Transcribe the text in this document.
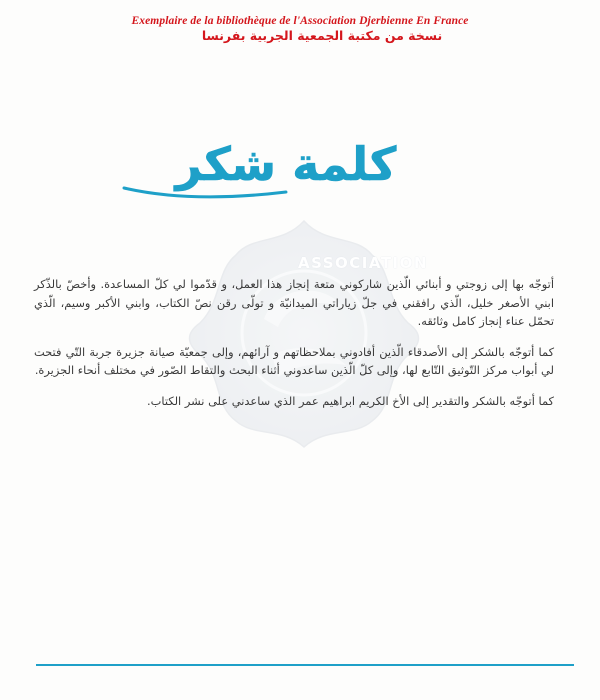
Exemplaire de la bibliothèque de l'Association Djerbienne En France
نسخة من مكتبة الجمعية الجربية بفرنسا
ASSOCIATION
كلمة شكر

أتوجّه بها إلى زوجتي و أبنائي الّذين شاركوني متعة إنجاز هذا العمل، و قدّموا لي كلّ المساعدة. وأخصّ بالذّكر ابني الأصغر خليل، الّذي رافقني في جلّ زياراتي الميدانيّة و تولّى رقن نصّ الكتاب، وابني الأكبر وسيم، الّذي تحمّل عناء إنجاز كامل وثائقه.

كما أتوجّه بالشكر إلى الأصدقاء الّذين أفادوني بملاحظاتهم و آرائهم، وإلى جمعيّة صيانة جزيرة جربة التّي فتحت لي أبواب مركز التّوثيق التّابع لها، وإلى كلّ الّذين ساعدوني أثناء البحث والتقاط الصّور في مختلف أنحاء الجزيرة.

كما أتوجّه بالشكر والتقدير إلى الأخ الكريم ابراهيم عمر الذي ساعدني على نشر الكتاب.
